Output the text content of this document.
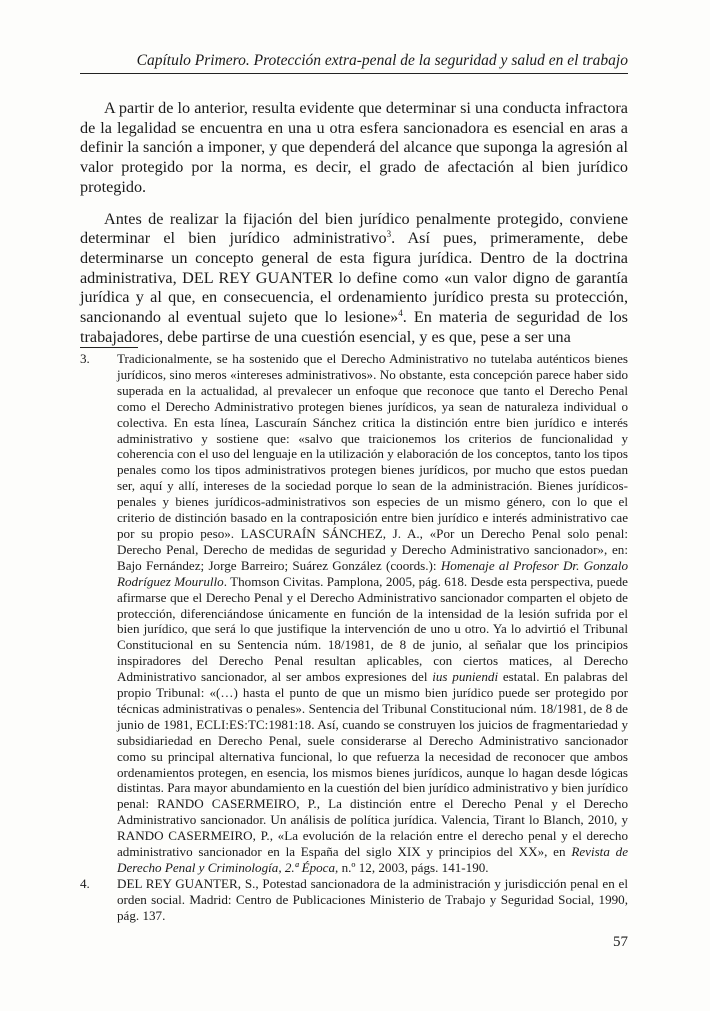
Capítulo Primero. Protección extra-penal de la seguridad y salud en el trabajo

A partir de lo anterior, resulta evidente que determinar si una conducta infractora de la legalidad se encuentra en una u otra esfera sancionadora es esencial en aras a definir la sanción a imponer, y que dependerá del alcance que suponga la agresión al valor protegido por la norma, es decir, el grado de afectación al bien jurídico protegido.

Antes de realizar la fijación del bien jurídico penalmente protegido, conviene determinar el bien jurídico administrativo$^3$. Así pues, primeramente, debe determinarse un concepto general de esta figura jurídica. Dentro de la doctrina administrativa, DEL REY GUANTER lo define como «un valor digno de garantía jurídica y al que, en consecuencia, el ordenamiento jurídico presta su protección, sancionando al eventual sujeto que lo lesione»$^4$. En materia de seguridad de los trabajadores, debe partirse de una cuestión esencial, y es que, pese a ser una

3.	Tradicionalmente, se ha sostenido que el Derecho Administrativo no tutelaba auténticos bienes jurídicos, sino meros «intereses administrativos». No obstante, esta concepción parece haber sido superada en la actualidad, al prevalecer un enfoque que reconoce que tanto el Derecho Penal como el Derecho Administrativo protegen bienes jurídicos, ya sean de naturaleza individual o colectiva. En esta línea, Lascuraín Sánchez critica la distinción entre bien jurídico e interés administrativo y sostiene que: «salvo que traicionemos los criterios de funcionalidad y coherencia con el uso del lenguaje en la utilización y elaboración de los conceptos, tanto los tipos penales como los tipos administrativos protegen bienes jurídicos, por mucho que estos puedan ser, aquí y allí, intereses de la sociedad porque lo sean de la administración. Bienes jurídicos-penales y bienes jurídicos-administrativos son especies de un mismo género, con lo que el criterio de distinción basado en la contraposición entre bien jurídico e interés administrativo cae por su propio peso». LASCURAÍN SÁNCHEZ, J. A., «Por un Derecho Penal solo penal: Derecho Penal, Derecho de medidas de seguridad y Derecho Administrativo sancionador», en: Bajo Fernández; Jorge Barreiro; Suárez González (coords.): Homenaje al Profesor Dr. Gonzalo Rodríguez Mourullo. Thomson Civitas. Pamplona, 2005, pág. 618. Desde esta perspectiva, puede afirmarse que el Derecho Penal y el Derecho Administrativo sancionador comparten el objeto de protección, diferenciándose únicamente en función de la intensidad de la lesión sufrida por el bien jurídico, que será lo que justifique la intervención de uno u otro. Ya lo advirtió el Tribunal Constitucional en su Sentencia núm. 18/1981, de 8 de junio, al señalar que los principios inspiradores del Derecho Penal resultan aplicables, con ciertos matices, al Derecho Administrativo sancionador, al ser ambos expresiones del ius puniendi estatal. En palabras del propio Tribunal: «(…) hasta el punto de que un mismo bien jurídico puede ser protegido por técnicas administrativas o penales». Sentencia del Tribunal Constitucional núm. 18/1981, de 8 de junio de 1981, ECLI:ES:TC:1981:18. Así, cuando se construyen los juicios de fragmentariedad y subsidiariedad en Derecho Penal, suele considerarse al Derecho Administrativo sancionador como su principal alternativa funcional, lo que refuerza la necesidad de reconocer que ambos ordenamientos protegen, en esencia, los mismos bienes jurídicos, aunque lo hagan desde lógicas distintas. Para mayor abundamiento en la cuestión del bien jurídico administrativo y bien jurídico penal: RANDO CASERMEIRO, P., La distinción entre el Derecho Penal y el Derecho Administrativo sancionador. Un análisis de política jurídica. Valencia, Tirant lo Blanch, 2010, y RANDO CASERMEIRO, P., «La evolución de la relación entre el derecho penal y el derecho administrativo sancionador en la España del siglo XIX y principios del XX», en Revista de Derecho Penal y Criminología, 2.ª Época, n.º 12, 2003, págs. 141-190.
4.	DEL REY GUANTER, S., Potestad sancionadora de la administración y jurisdicción penal en el orden social. Madrid: Centro de Publicaciones Ministerio de Trabajo y Seguridad Social, 1990, pág. 137.
57
